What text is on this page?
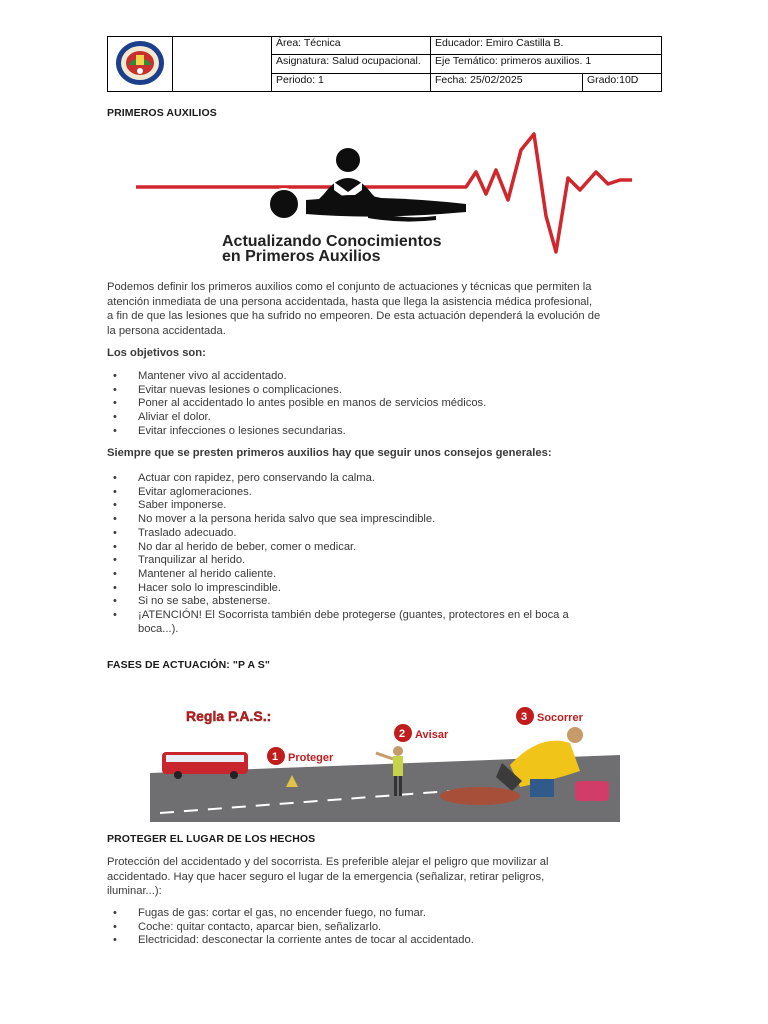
		Área: Técnica	Educador: Emiro Castilla B.	
		Asignatura: Salud ocupacional.	Eje Temático: primeros auxilios. 1	
		Periodo: 1	Fecha: 25/02/2025	Grado:10D
PRIMEROS AUXILIOS
Actualizando Conocimientos
en Primeros Auxilios
Podemos definir los primeros auxilios como el conjunto de actuaciones y técnicas que permiten la
atención inmediata de una persona accidentada, hasta que llega la asistencia médica profesional,
a fin de que las lesiones que ha sufrido no empeoren. De esta actuación dependerá la evolución de
la persona accidentada.
Los objetivos son:
• Mantener vivo al accidentado.
• Evitar nuevas lesiones o complicaciones.
• Poner al accidentado lo antes posible en manos de servicios médicos.
• Aliviar el dolor.
• Evitar infecciones o lesiones secundarias.
Siempre que se presten primeros auxilios hay que seguir unos consejos generales:
• Actuar con rapidez, pero conservando la calma.
• Evitar aglomeraciones.
• Saber imponerse.
• No mover a la persona herida salvo que sea imprescindible.
• Traslado adecuado.
• No dar al herido de beber, comer o medicar.
• Tranquilizar al herido.
• Mantener al herido caliente.
• Hacer solo lo imprescindible.
• Si no se sabe, abstenerse.
• ¡ATENCIÓN! El Socorrista también debe protegerse (guantes, protectores en el boca a
boca...).
FASES DE ACTUACIÓN: "P A S"
Regla P.A.S.:	3 Socorrer
2 Avisar
1 Proteger
PROTEGER EL LUGAR DE LOS HECHOS
Protección del accidentado y del socorrista. Es preferible alejar el peligro que movilizar al
accidentado. Hay que hacer seguro el lugar de la emergencia (señalizar, retirar peligros,
iluminar...):
• Fugas de gas: cortar el gas, no encender fuego, no fumar.
• Coche: quitar contacto, aparcar bien, señalizarlo.
• Electricidad: desconectar la corriente antes de tocar al accidentado.
